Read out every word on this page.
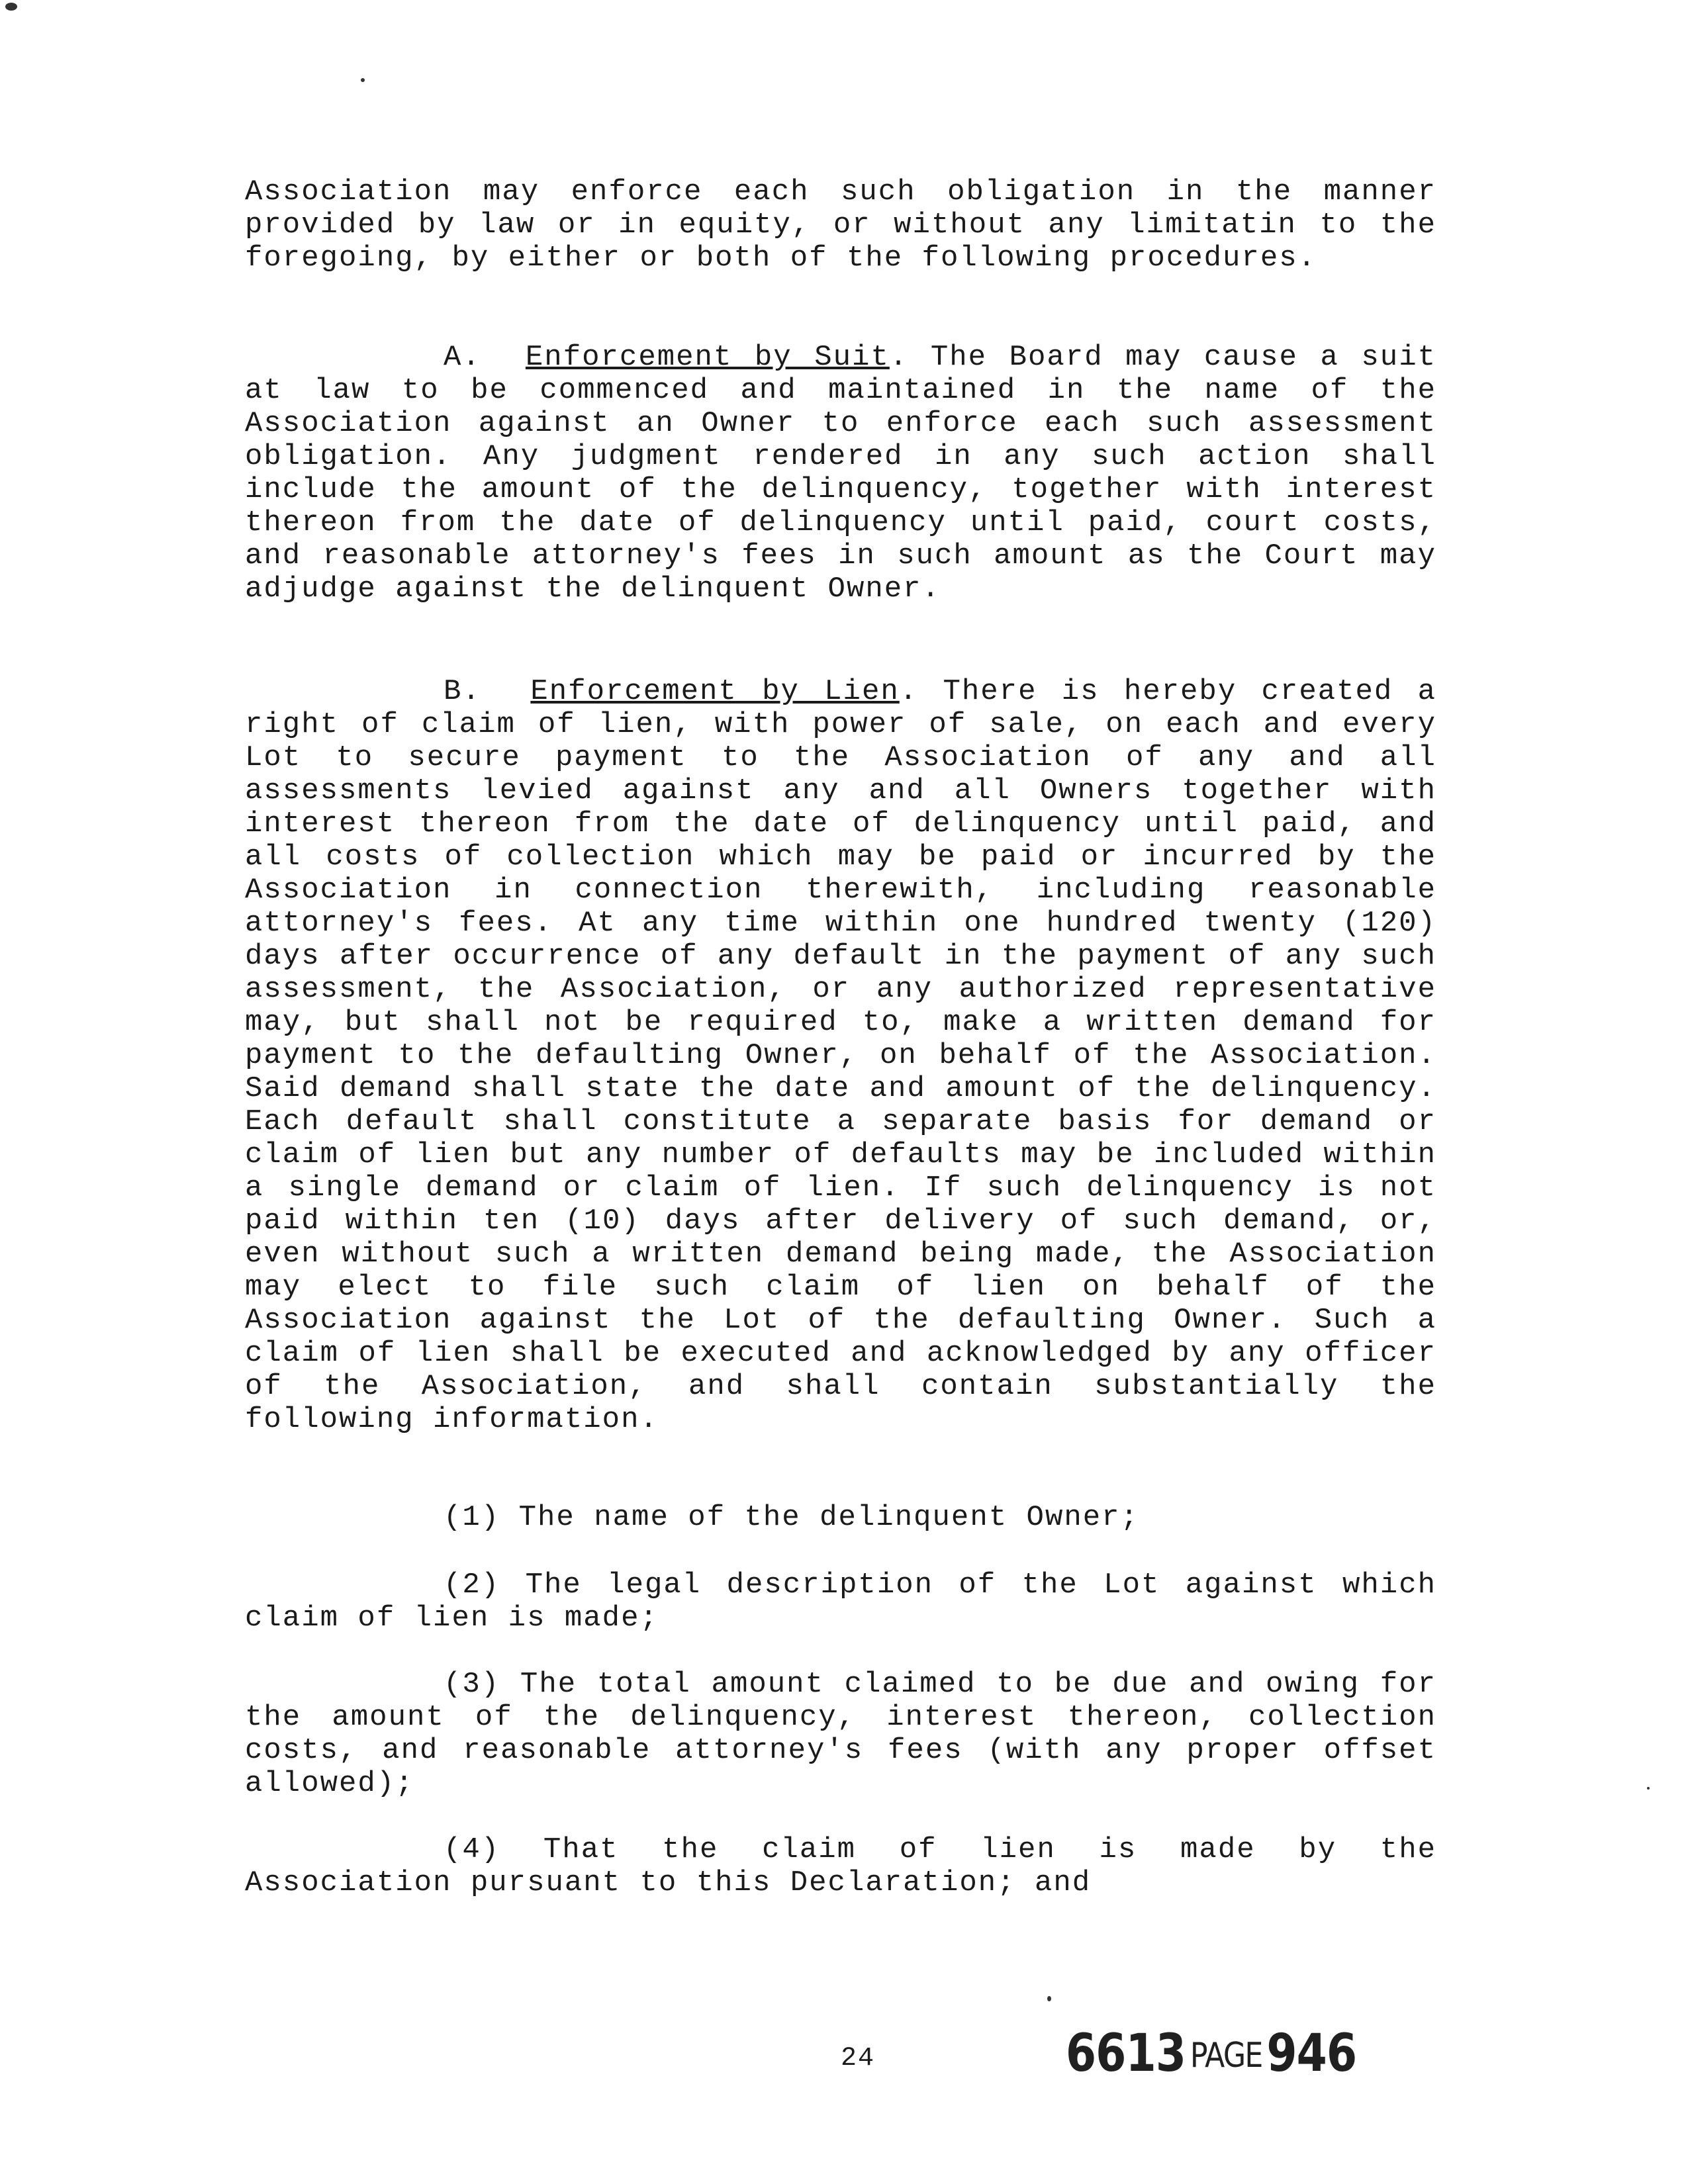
Association may enforce each such obligation in the manner provided by law or in equity, or without any limitatin to the foregoing, by either or both of the following procedures.
A. Enforcement by Suit. The Board may cause a suit at law to be commenced and maintained in the name of the Association against an Owner to enforce each such assessment obligation. Any judgment rendered in any such action shall include the amount of the delinquency, together with interest thereon from the date of delinquency until paid, court costs, and reasonable attorney's fees in such amount as the Court may adjudge against the delinquent Owner.
B. Enforcement by Lien. There is hereby created a right of claim of lien, with power of sale, on each and every Lot to secure payment to the Association of any and all assessments levied against any and all Owners together with interest thereon from the date of delinquency until paid, and all costs of collection which may be paid or incurred by the Association in connection therewith, including reasonable attorney's fees. At any time within one hundred twenty (120) days after occurrence of any default in the payment of any such assessment, the Association, or any authorized representative may, but shall not be required to, make a written demand for payment to the defaulting Owner, on behalf of the Association. Said demand shall state the date and amount of the delinquency. Each default shall constitute a separate basis for demand or claim of lien but any number of defaults may be included within a single demand or claim of lien. If such delinquency is not paid within ten (10) days after delivery of such demand, or, even without such a written demand being made, the Association may elect to file such claim of lien on behalf of the Association against the Lot of the defaulting Owner. Such a claim of lien shall be executed and acknowledged by any officer of the Association, and shall contain substantially the following information.
(1) The name of the delinquent Owner;
(2) The legal description of the Lot against which claim of lien is made;
(3) The total amount claimed to be due and owing for the amount of the delinquency, interest thereon, collection costs, and reasonable attorney's fees (with any proper offset allowed);
(4) That the claim of lien is made by the Association pursuant to this Declaration; and
24	6613 PAGE946
